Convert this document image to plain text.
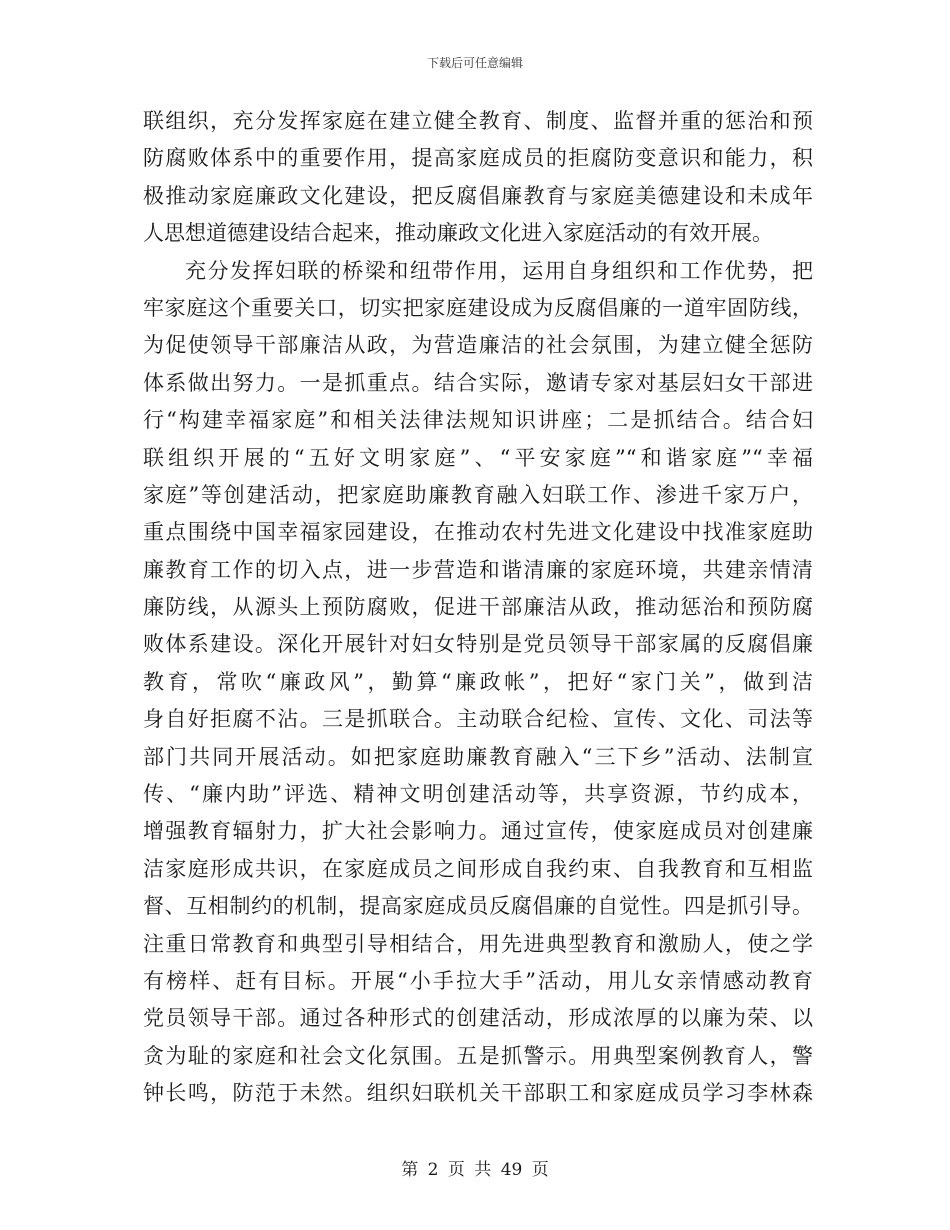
下载后可任意编辑
联组织，充分发挥家庭在建立健全教育、制度、监督并重的惩治和预
防腐败体系中的重要作用，提高家庭成员的拒腐防变意识和能力，积
极推动家庭廉政文化建设，把反腐倡廉教育与家庭美德建设和未成年
人思想道德建设结合起来，推动廉政文化进入家庭活动的有效开展。
充分发挥妇联的桥梁和纽带作用，运用自身组织和工作优势，把
牢家庭这个重要关口，切实把家庭建设成为反腐倡廉的一道牢固防线，
为促使领导干部廉洁从政，为营造廉洁的社会氛围，为建立健全惩防
体系做出努力。一是抓重点。结合实际，邀请专家对基层妇女干部进
行“构建幸福家庭”和相关法律法规知识讲座；二是抓结合。结合妇
联组织开展的“五好文明家庭”、“平安家庭”“和谐家庭”“幸福
家庭”等创建活动，把家庭助廉教育融入妇联工作、渗进千家万户，
重点围绕中国幸福家园建设，在推动农村先进文化建设中找准家庭助
廉教育工作的切入点，进一步营造和谐清廉的家庭环境，共建亲情清
廉防线，从源头上预防腐败，促进干部廉洁从政，推动惩治和预防腐
败体系建设。深化开展针对妇女特别是党员领导干部家属的反腐倡廉
教育，常吹“廉政风”，勤算“廉政帐”，把好“家门关”，做到洁
身自好拒腐不沾。三是抓联合。主动联合纪检、宣传、文化、司法等
部门共同开展活动。如把家庭助廉教育融入“三下乡”活动、法制宣
传、“廉内助”评选、精神文明创建活动等，共享资源，节约成本，
增强教育辐射力，扩大社会影响力。通过宣传，使家庭成员对创建廉
洁家庭形成共识，在家庭成员之间形成自我约束、自我教育和互相监
督、互相制约的机制，提高家庭成员反腐倡廉的自觉性。四是抓引导。
注重日常教育和典型引导相结合，用先进典型教育和激励人，使之学
有榜样、赶有目标。开展“小手拉大手”活动，用儿女亲情感动教育
党员领导干部。通过各种形式的创建活动，形成浓厚的以廉为荣、以
贪为耻的家庭和社会文化氛围。五是抓警示。用典型案例教育人，警
钟长鸣，防范于未然。组织妇联机关干部职工和家庭成员学习李林森
第 2 页 共 49 页
